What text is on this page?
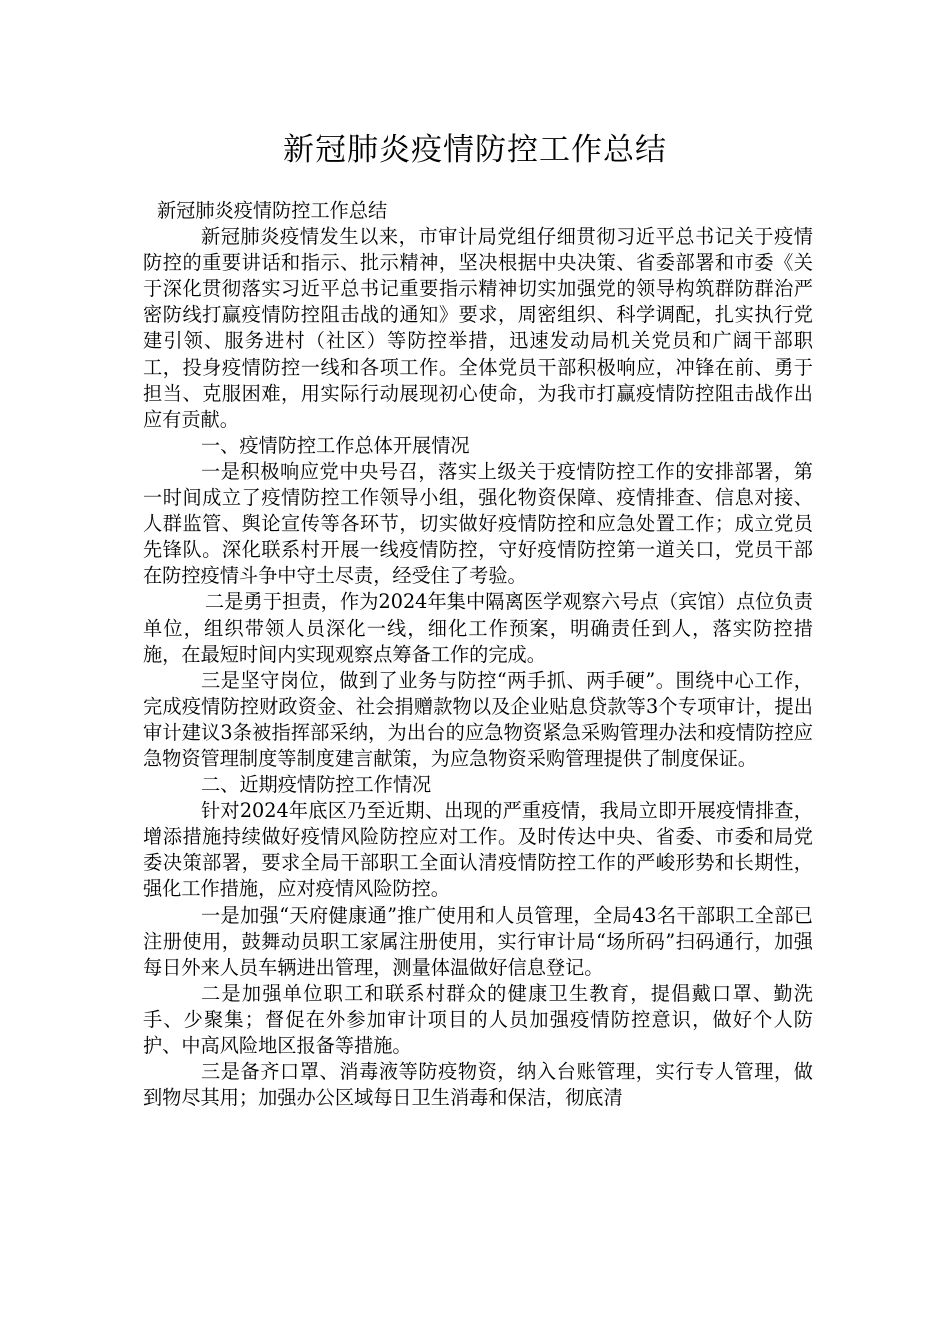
新冠肺炎疫情防控工作总结

新冠肺炎疫情防控工作总结

新冠肺炎疫情发生以来，市审计局党组仔细贯彻习近平总书记关于疫情防控的重要讲话和指示、批示精神，坚决根据中央决策、省委部署和市委《关于深化贯彻落实习近平总书记重要指示精神切实加强党的领导构筑群防群治严密防线打赢疫情防控阻击战的通知》要求，周密组织、科学调配，扎实执行党建引领、服务进村（社区）等防控举措，迅速发动局机关党员和广阔干部职工，投身疫情防控一线和各项工作。全体党员干部积极响应，冲锋在前、勇于担当、克服困难，用实际行动展现初心使命，为我市打赢疫情防控阻击战作出应有贡献。

一、疫情防控工作总体开展情况

一是积极响应党中央号召，落实上级关于疫情防控工作的安排部署，第一时间成立了疫情防控工作领导小组，强化物资保障、疫情排查、信息对接、人群监管、舆论宣传等各环节，切实做好疫情防控和应急处置工作；成立党员先锋队。深化联系村开展一线疫情防控，守好疫情防控第一道关口，党员干部在防控疫情斗争中守土尽责，经受住了考验。

二是勇于担责，作为2024年集中隔离医学观察六号点（宾馆）点位负责单位，组织带领人员深化一线，细化工作预案，明确责任到人，落实防控措施，在最短时间内实现观察点筹备工作的完成。

三是坚守岗位，做到了业务与防控“两手抓、两手硬”。围绕中心工作，完成疫情防控财政资金、社会捐赠款物以及企业贴息贷款等3个专项审计，提出审计建议3条被指挥部采纳，为出台的应急物资紧急采购管理办法和疫情防控应急物资管理制度等制度建言献策，为应急物资采购管理提供了制度保证。

二、近期疫情防控工作情况

针对2024年底区乃至近期、出现的严重疫情，我局立即开展疫情排查，增添措施持续做好疫情风险防控应对工作。及时传达中央、省委、市委和局党委决策部署，要求全局干部职工全面认清疫情防控工作的严峻形势和长期性，强化工作措施，应对疫情风险防控。

一是加强“天府健康通”推广使用和人员管理，全局43名干部职工全部已注册使用，鼓舞动员职工家属注册使用，实行审计局“场所码”扫码通行，加强每日外来人员车辆进出管理，测量体温做好信息登记。

二是加强单位职工和联系村群众的健康卫生教育，提倡戴口罩、勤洗手、少聚集；督促在外参加审计项目的人员加强疫情防控意识，做好个人防护、中高风险地区报备等措施。

三是备齐口罩、消毒液等防疫物资，纳入台账管理，实行专人管理，做到物尽其用；加强办公区域每日卫生消毒和保洁，彻底清
